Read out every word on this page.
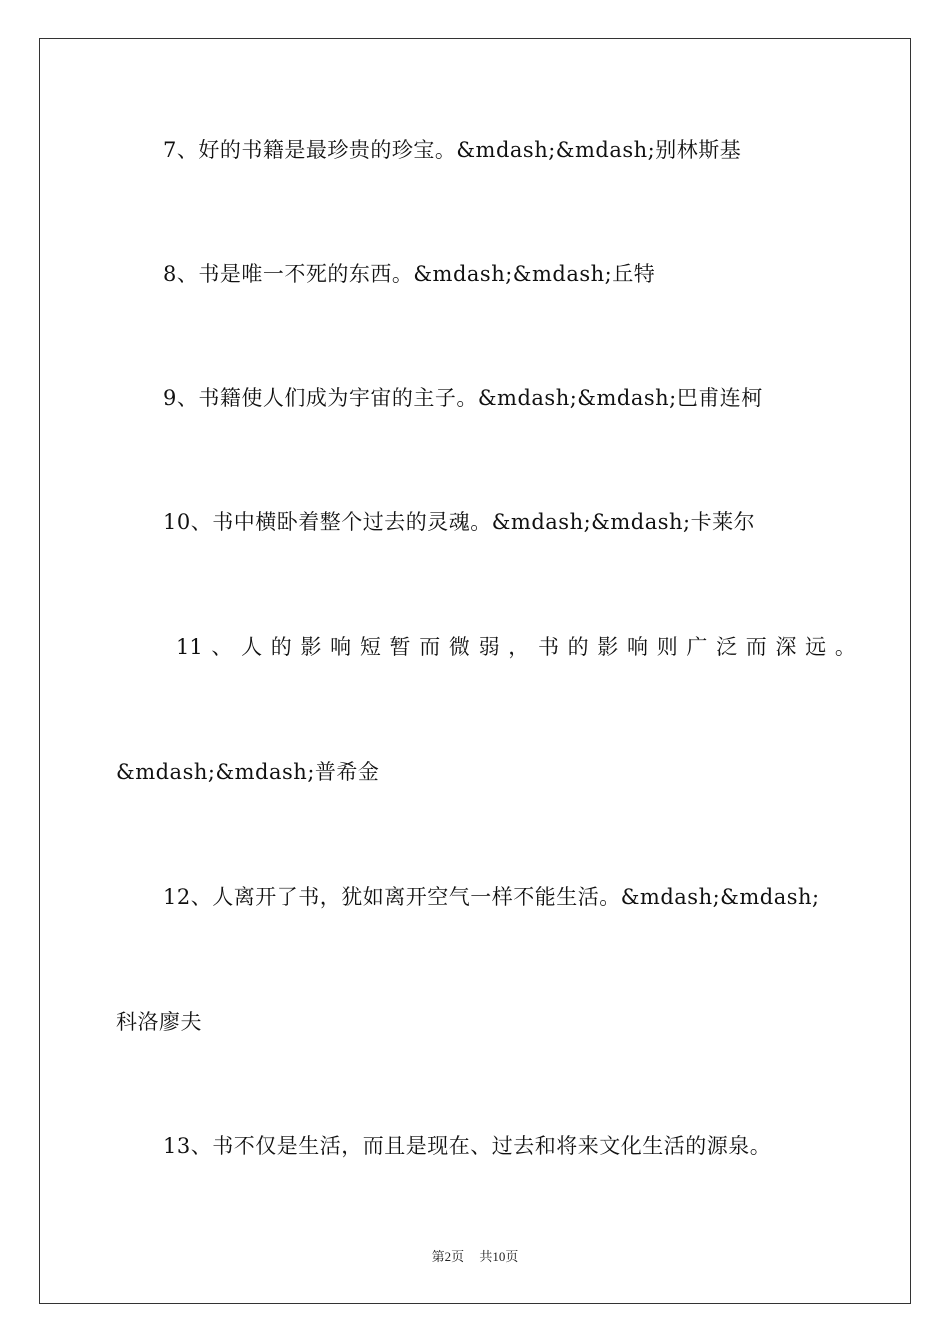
7、好的书籍是最珍贵的珍宝。&mdash;&mdash;别林斯基
8、书是唯一不死的东西。&mdash;&mdash;丘特
9、书籍使人们成为宇宙的主子。&mdash;&mdash;巴甫连柯
10、书中横卧着整个过去的灵魂。&mdash;&mdash;卡莱尔
11 、 人 的 影 响 短 暂 而 微 弱 ， 书 的 影 响 则 广 泛 而 深 远 。
&mdash;&mdash;普希金
12、人离开了书，犹如离开空气一样不能生活。&mdash;&mdash;
科洛廖夫
13、书不仅是生活，而且是现在、过去和将来文化生活的源泉。
第2页 共10页
